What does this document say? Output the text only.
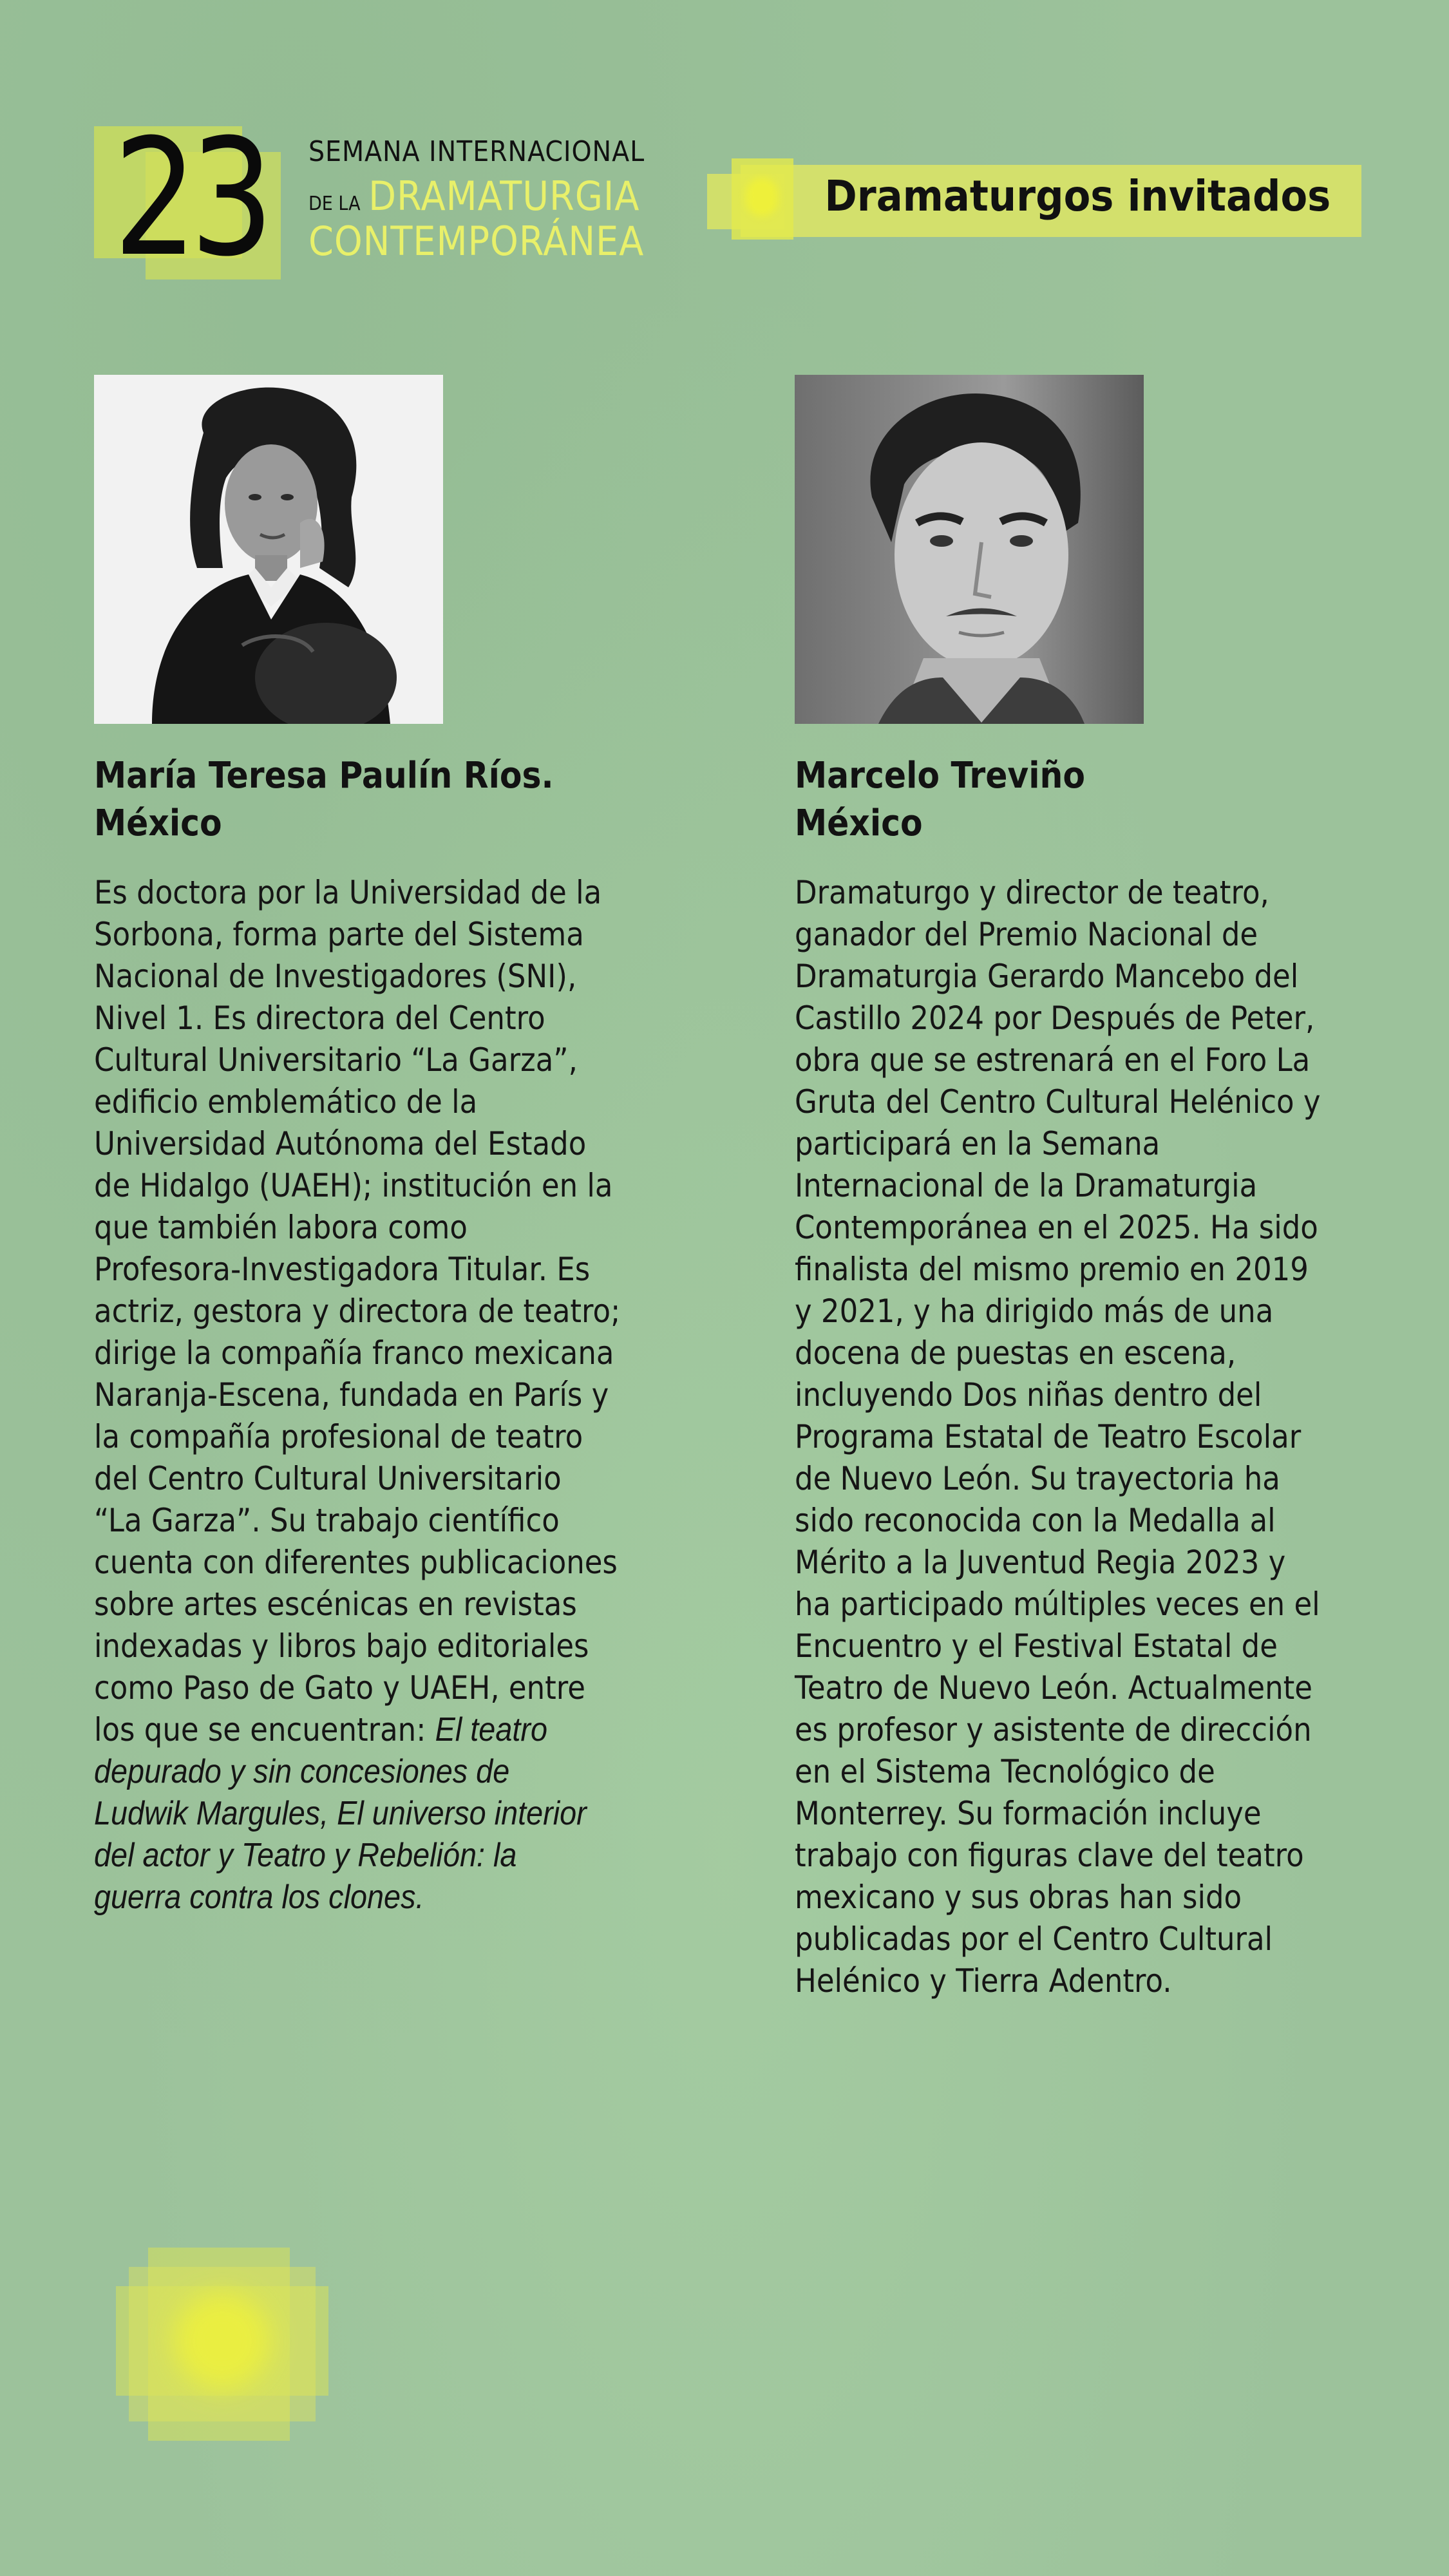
23 SEMANA INTERNACIONAL
DE LA DRAMATURGIA
CONTEMPORÁNEA
Dramaturgos invitados
María Teresa Paulín Ríos.
México
Es doctora por la Universidad de la
Sorbona, forma parte del Sistema
Nacional de Investigadores (SNI),
Nivel 1. Es directora del Centro
Cultural Universitario “La Garza”,
edificio emblemático de la
Universidad Autónoma del Estado
de Hidalgo (UAEH); institución en la
que también labora como
Profesora-Investigadora Titular. Es
actriz, gestora y directora de teatro;
dirige la compañía franco mexicana
Naranja-Escena, fundada en París y
la compañía profesional de teatro
del Centro Cultural Universitario
“La Garza”. Su trabajo científico
cuenta con diferentes publicaciones
sobre artes escénicas en revistas
indexadas y libros bajo editoriales
como Paso de Gato y UAEH, entre
los que se encuentran: El teatro
depurado y sin concesiones de
Ludwik Margules, El universo interior
del actor y Teatro y Rebelión: la
guerra contra los clones.
Marcelo Treviño
México
Dramaturgo y director de teatro,
ganador del Premio Nacional de
Dramaturgia Gerardo Mancebo del
Castillo 2024 por Después de Peter,
obra que se estrenará en el Foro La
Gruta del Centro Cultural Helénico y
participará en la Semana
Internacional de la Dramaturgia
Contemporánea en el 2025. Ha sido
finalista del mismo premio en 2019
y 2021, y ha dirigido más de una
docena de puestas en escena,
incluyendo Dos niñas dentro del
Programa Estatal de Teatro Escolar
de Nuevo León. Su trayectoria ha
sido reconocida con la Medalla al
Mérito a la Juventud Regia 2023 y
ha participado múltiples veces en el
Encuentro y el Festival Estatal de
Teatro de Nuevo León. Actualmente
es profesor y asistente de dirección
en el Sistema Tecnológico de
Monterrey. Su formación incluye
trabajo con figuras clave del teatro
mexicano y sus obras han sido
publicadas por el Centro Cultural
Helénico y Tierra Adentro.
